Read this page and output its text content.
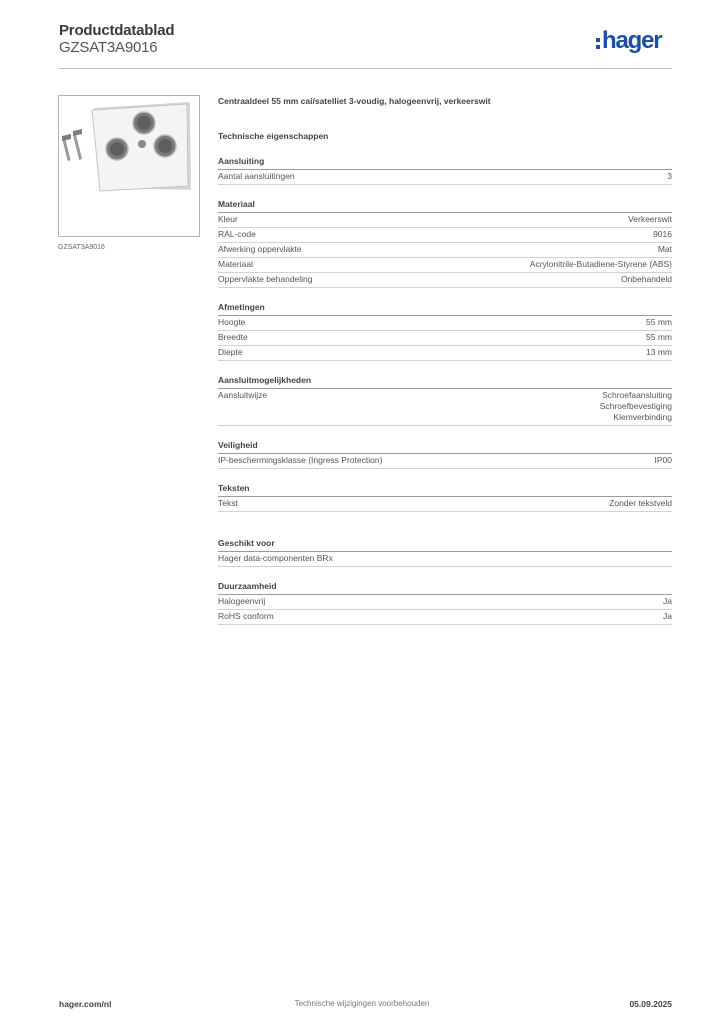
Productdatablad
GZSAT3A9016	hager
GZSAT3A9016
Centraaldeel 55 mm cai/satelliet 3-voudig, halogeenvrij, verkeerswit
Technische eigenschappen
Aansluiting
Aantal aansluitingen	3
Materiaal
Kleur	Verkeerswit
RAL-code	9016
Afwerking oppervlakte	Mat
Materiaal	Acrylonitrile-Butadiene-Styrene (ABS)
Oppervlakte behandeling	Onbehandeld
Afmetingen
Hoogte	55 mm
Breedte	55 mm
Diepte	13 mm
Aansluitmogelijkheden
Aansluitwijze	Schroefaansluiting
Schroefbevestiging
Klemverbinding
Veiligheid
IP-beschermingsklasse (Ingress Protection)	IP00
Teksten
Tekst	Zonder tekstveld
Geschikt voor
Hager data-componenten BRx
Duurzaamheid
Halogeenvrij	Ja
RoHS conform	Ja
hager.com/nl	Technische wijzigingen voorbehouden	05.09.2025
